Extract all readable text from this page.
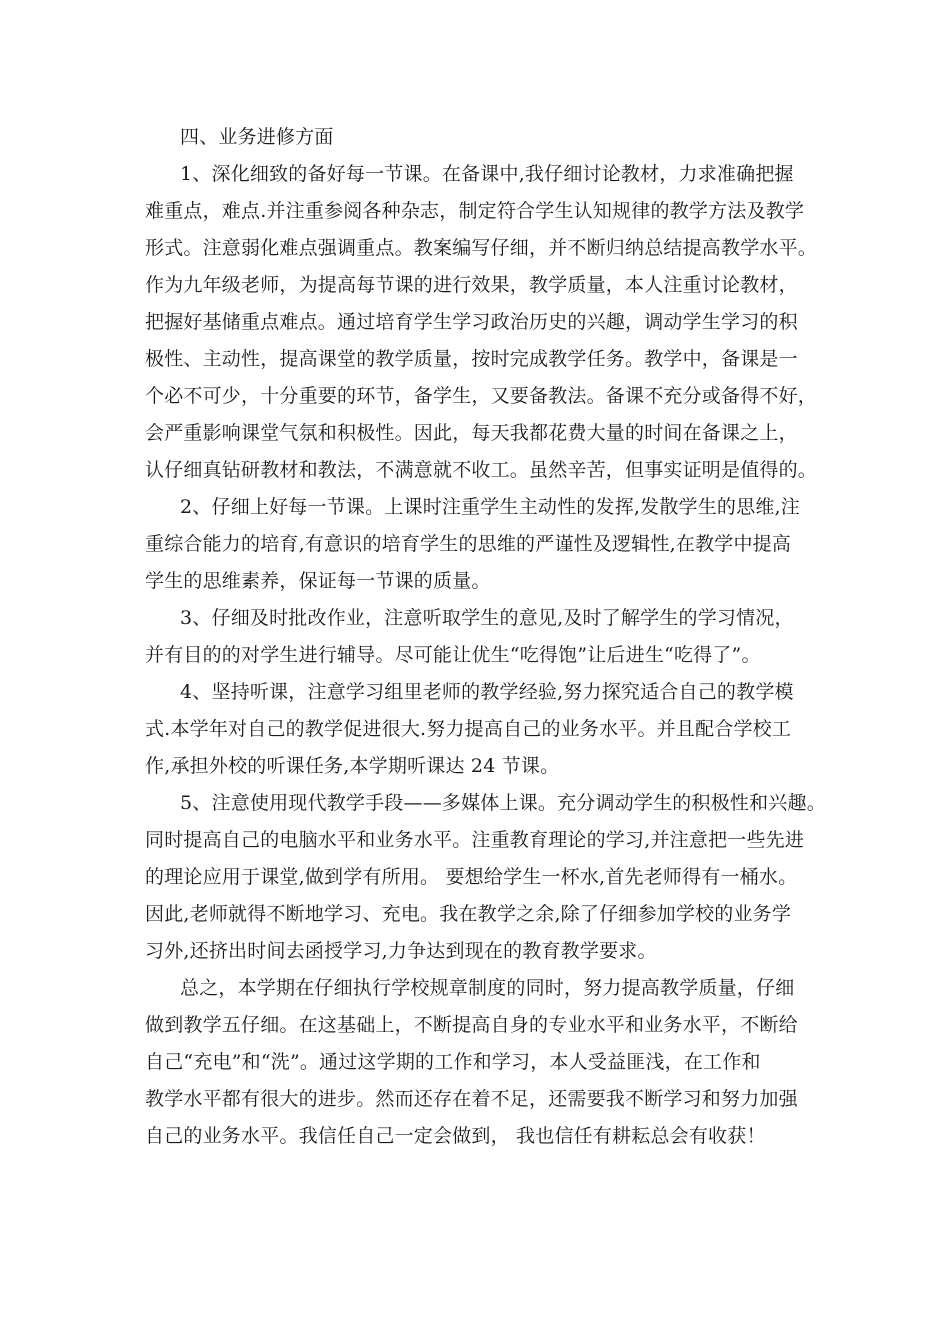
四、业务进修方面
1、深化细致的备好每一节课。在备课中,我仔细讨论教材，力求准确把握
难重点，难点.并注重参阅各种杂志，制定符合学生认知规律的教学方法及教学
形式。注意弱化难点强调重点。教案编写仔细，并不断归纳总结提高教学水平。
作为九年级老师，为提高每节课的进行效果，教学质量，本人注重讨论教材，
把握好基储重点难点。通过培育学生学习政治历史的兴趣，调动学生学习的积
极性、主动性，提高课堂的教学质量，按时完成教学任务。教学中，备课是一
个必不可少，十分重要的环节，备学生，又要备教法。备课不充分或备得不好，
会严重影响课堂气氛和积极性。因此，每天我都花费大量的时间在备课之上，
认仔细真钻研教材和教法，不满意就不收工。虽然辛苦，但事实证明是值得的。
2、仔细上好每一节课。上课时注重学生主动性的发挥,发散学生的思维,注
重综合能力的培育,有意识的培育学生的思维的严谨性及逻辑性,在教学中提高
学生的思维素养，保证每一节课的质量。
3、仔细及时批改作业，注意听取学生的意见,及时了解学生的学习情况，
并有目的的对学生进行辅导。尽可能让优生“吃得饱”让后进生“吃得了”。
4、坚持听课，注意学习组里老师的教学经验,努力探究适合自己的教学模
式.本学年对自己的教学促进很大.努力提高自己的业务水平。并且配合学校工
作,承担外校的听课任务,本学期听课达 24 节课。
5、注意使用现代教学手段——多媒体上课。充分调动学生的积极性和兴趣。
同时提高自己的电脑水平和业务水平。注重教育理论的学习,并注意把一些先进
的理论应用于课堂,做到学有所用。 要想给学生一杯水,首先老师得有一桶水。
因此,老师就得不断地学习、充电。我在教学之余,除了仔细参加学校的业务学
习外,还挤出时间去函授学习,力争达到现在的教育教学要求。
总之，本学期在仔细执行学校规章制度的同时，努力提高教学质量，仔细
做到教学五仔细。在这基础上，不断提高自身的专业水平和业务水平，不断给
自己“充电”和“洗”。通过这学期的工作和学习，本人受益匪浅，在工作和
教学水平都有很大的进步。然而还存在着不足，还需要我不断学习和努力加强
自己的业务水平。我信任自己一定会做到， 我也信任有耕耘总会有收获！
